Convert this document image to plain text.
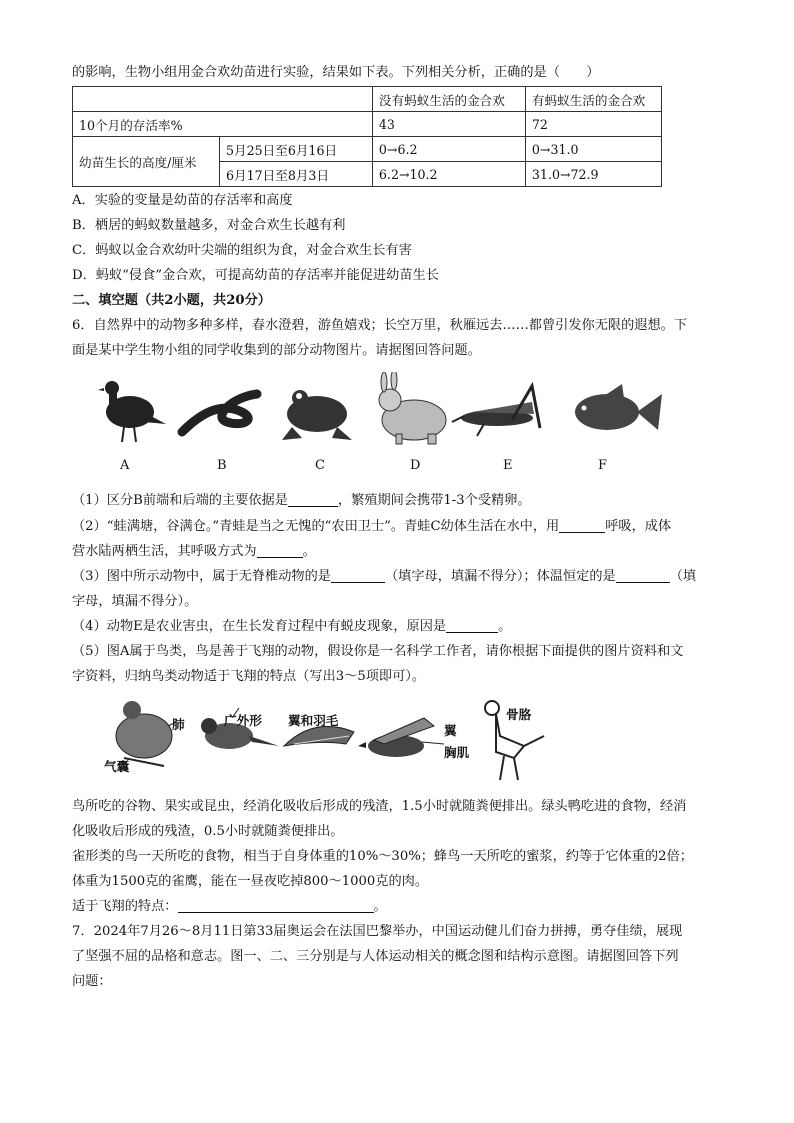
的影响，生物小组用金合欢幼苗进行实验，结果如下表。下列相关分析，正确的是（　　）
		没有蚂蚁生活的金合欢	有蚂蚁生活的金合欢
10个月的存活率%		43	72
幼苗生长的高度/厘米	5月25日至6月16日	0→6.2	0→31.0
	6月17日至8月3日	6.2→10.2	31.0→72.9
A．实验的变量是幼苗的存活率和高度
B．栖居的蚂蚁数量越多，对金合欢生长越有利
C．蚂蚁以金合欢幼叶尖端的组织为食，对金合欢生长有害
D．蚂蚁“侵食”金合欢，可提高幼苗的存活率并能促进幼苗生长
二、填空题（共2小题，共20分）
6．自然界中的动物多种多样，春水澄碧，游鱼嬉戏；长空万里，秋雁远去……都曾引发你无限的遐想。下
面是某中学生物小组的同学收集到的部分动物图片。请据图回答问题。
A	B	C	D	E	F
（1）区分B前端和后端的主要依据是	，繁殖期间会携带1-3个受精卵。
（2）“蛙满塘，谷满仓。”青蛙是当之无愧的“农田卫士”。青蛙C幼体生活在水中，用	呼吸，成体
营水陆两栖生活，其呼吸方式为	。
（3）图中所示动物中，属于无脊椎动物的是	（填字母，填漏不得分）；体温恒定的是	（填
字母，填漏不得分）。
（4）动物E是农业害虫，在生长发育过程中有蜕皮现象，原因是	。
（5）图A属于鸟类，鸟是善于飞翔的动物，假设你是一名科学工作者，请你根据下面提供的图片资料和文
字资料，归纳鸟类动物适于飞翔的特点（写出3～5项即可）。
肺
气囊
广外形 翼和羽毛
翼
胸肌
骨胳
鸟所吃的谷物、果实或昆虫，经消化吸收后形成的残渣，1.5小时就随粪便排出。绿头鸭吃进的食物，经消
化吸收后形成的残渣，0.5小时就随粪便排出。
雀形类的鸟一天所吃的食物，相当于自身体重的10%～30%；蜂鸟一天所吃的蜜浆，约等于它体重的2倍；
体重为1500克的雀鹰，能在一昼夜吃掉800～1000克的肉。
适于飞翔的特点：	。
7．2024年7月26～8月11日第33届奥运会在法国巴黎举办，中国运动健儿们奋力拼搏，勇夺佳绩，展现
了坚强不屈的品格和意志。图一、二、三分别是与人体运动相关的概念图和结构示意图。请据图回答下列
问题：
